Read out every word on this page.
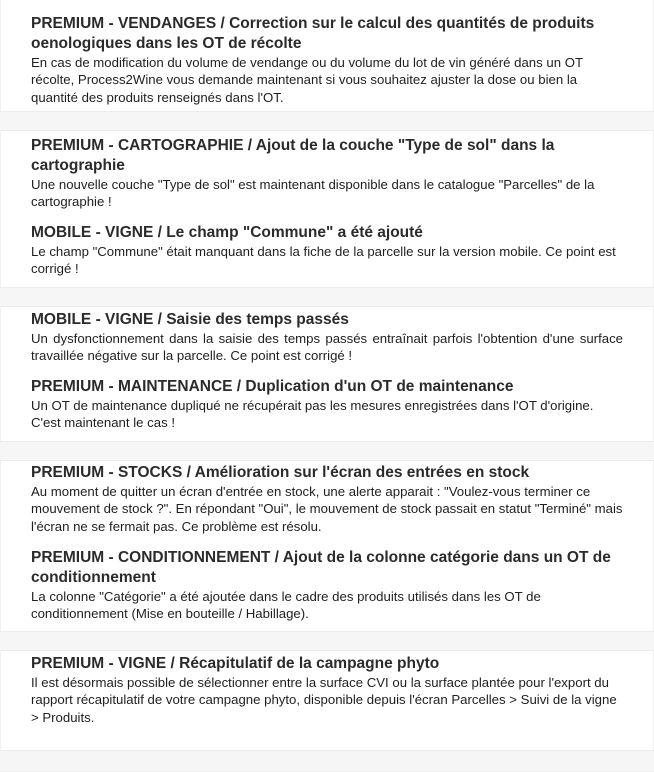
PREMIUM - VENDANGES / Correction sur le calcul des quantités de produits oenologiques dans les OT de récolte

En cas de modification du volume de vendange ou du volume du lot de vin généré dans un OT récolte, Process2Wine vous demande maintenant si vous souhaitez ajuster la dose ou bien la quantité des produits renseignés dans l'OT.

PREMIUM - CARTOGRAPHIE / Ajout de la couche "Type de sol" dans la cartographie

Une nouvelle couche "Type de sol" est maintenant disponible dans le catalogue "Parcelles" de la cartographie !

MOBILE - VIGNE / Le champ "Commune" a été ajouté

Le champ "Commune" était manquant dans la fiche de la parcelle sur la version mobile. Ce point est corrigé !

MOBILE - VIGNE / Saisie des temps passés

Un dysfonctionnement dans la saisie des temps passés entraînait parfois l'obtention d'une surface travaillée négative sur la parcelle. Ce point est corrigé !

PREMIUM - MAINTENANCE / Duplication d'un OT de maintenance

Un OT de maintenance dupliqué ne récupérait pas les mesures enregistrées dans l'OT d'origine. C'est maintenant le cas !

PREMIUM - STOCKS / Amélioration sur l'écran des entrées en stock

Au moment de quitter un écran d'entrée en stock, une alerte apparait : "Voulez-vous terminer ce mouvement de stock ?". En répondant "Oui", le mouvement de stock passait en statut "Terminé" mais l'écran ne se fermait pas. Ce problème est résolu.

PREMIUM - CONDITIONNEMENT / Ajout de la colonne catégorie dans un OT de conditionnement

La colonne "Catégorie" a été ajoutée dans le cadre des produits utilisés dans les OT de conditionnement (Mise en bouteille / Habillage).

PREMIUM - VIGNE / Récapitulatif de la campagne phyto

Il est désormais possible de sélectionner entre la surface CVI ou la surface plantée pour l'export du rapport récapitulatif de votre campagne phyto, disponible depuis l'écran Parcelles > Suivi de la vigne > Produits.
